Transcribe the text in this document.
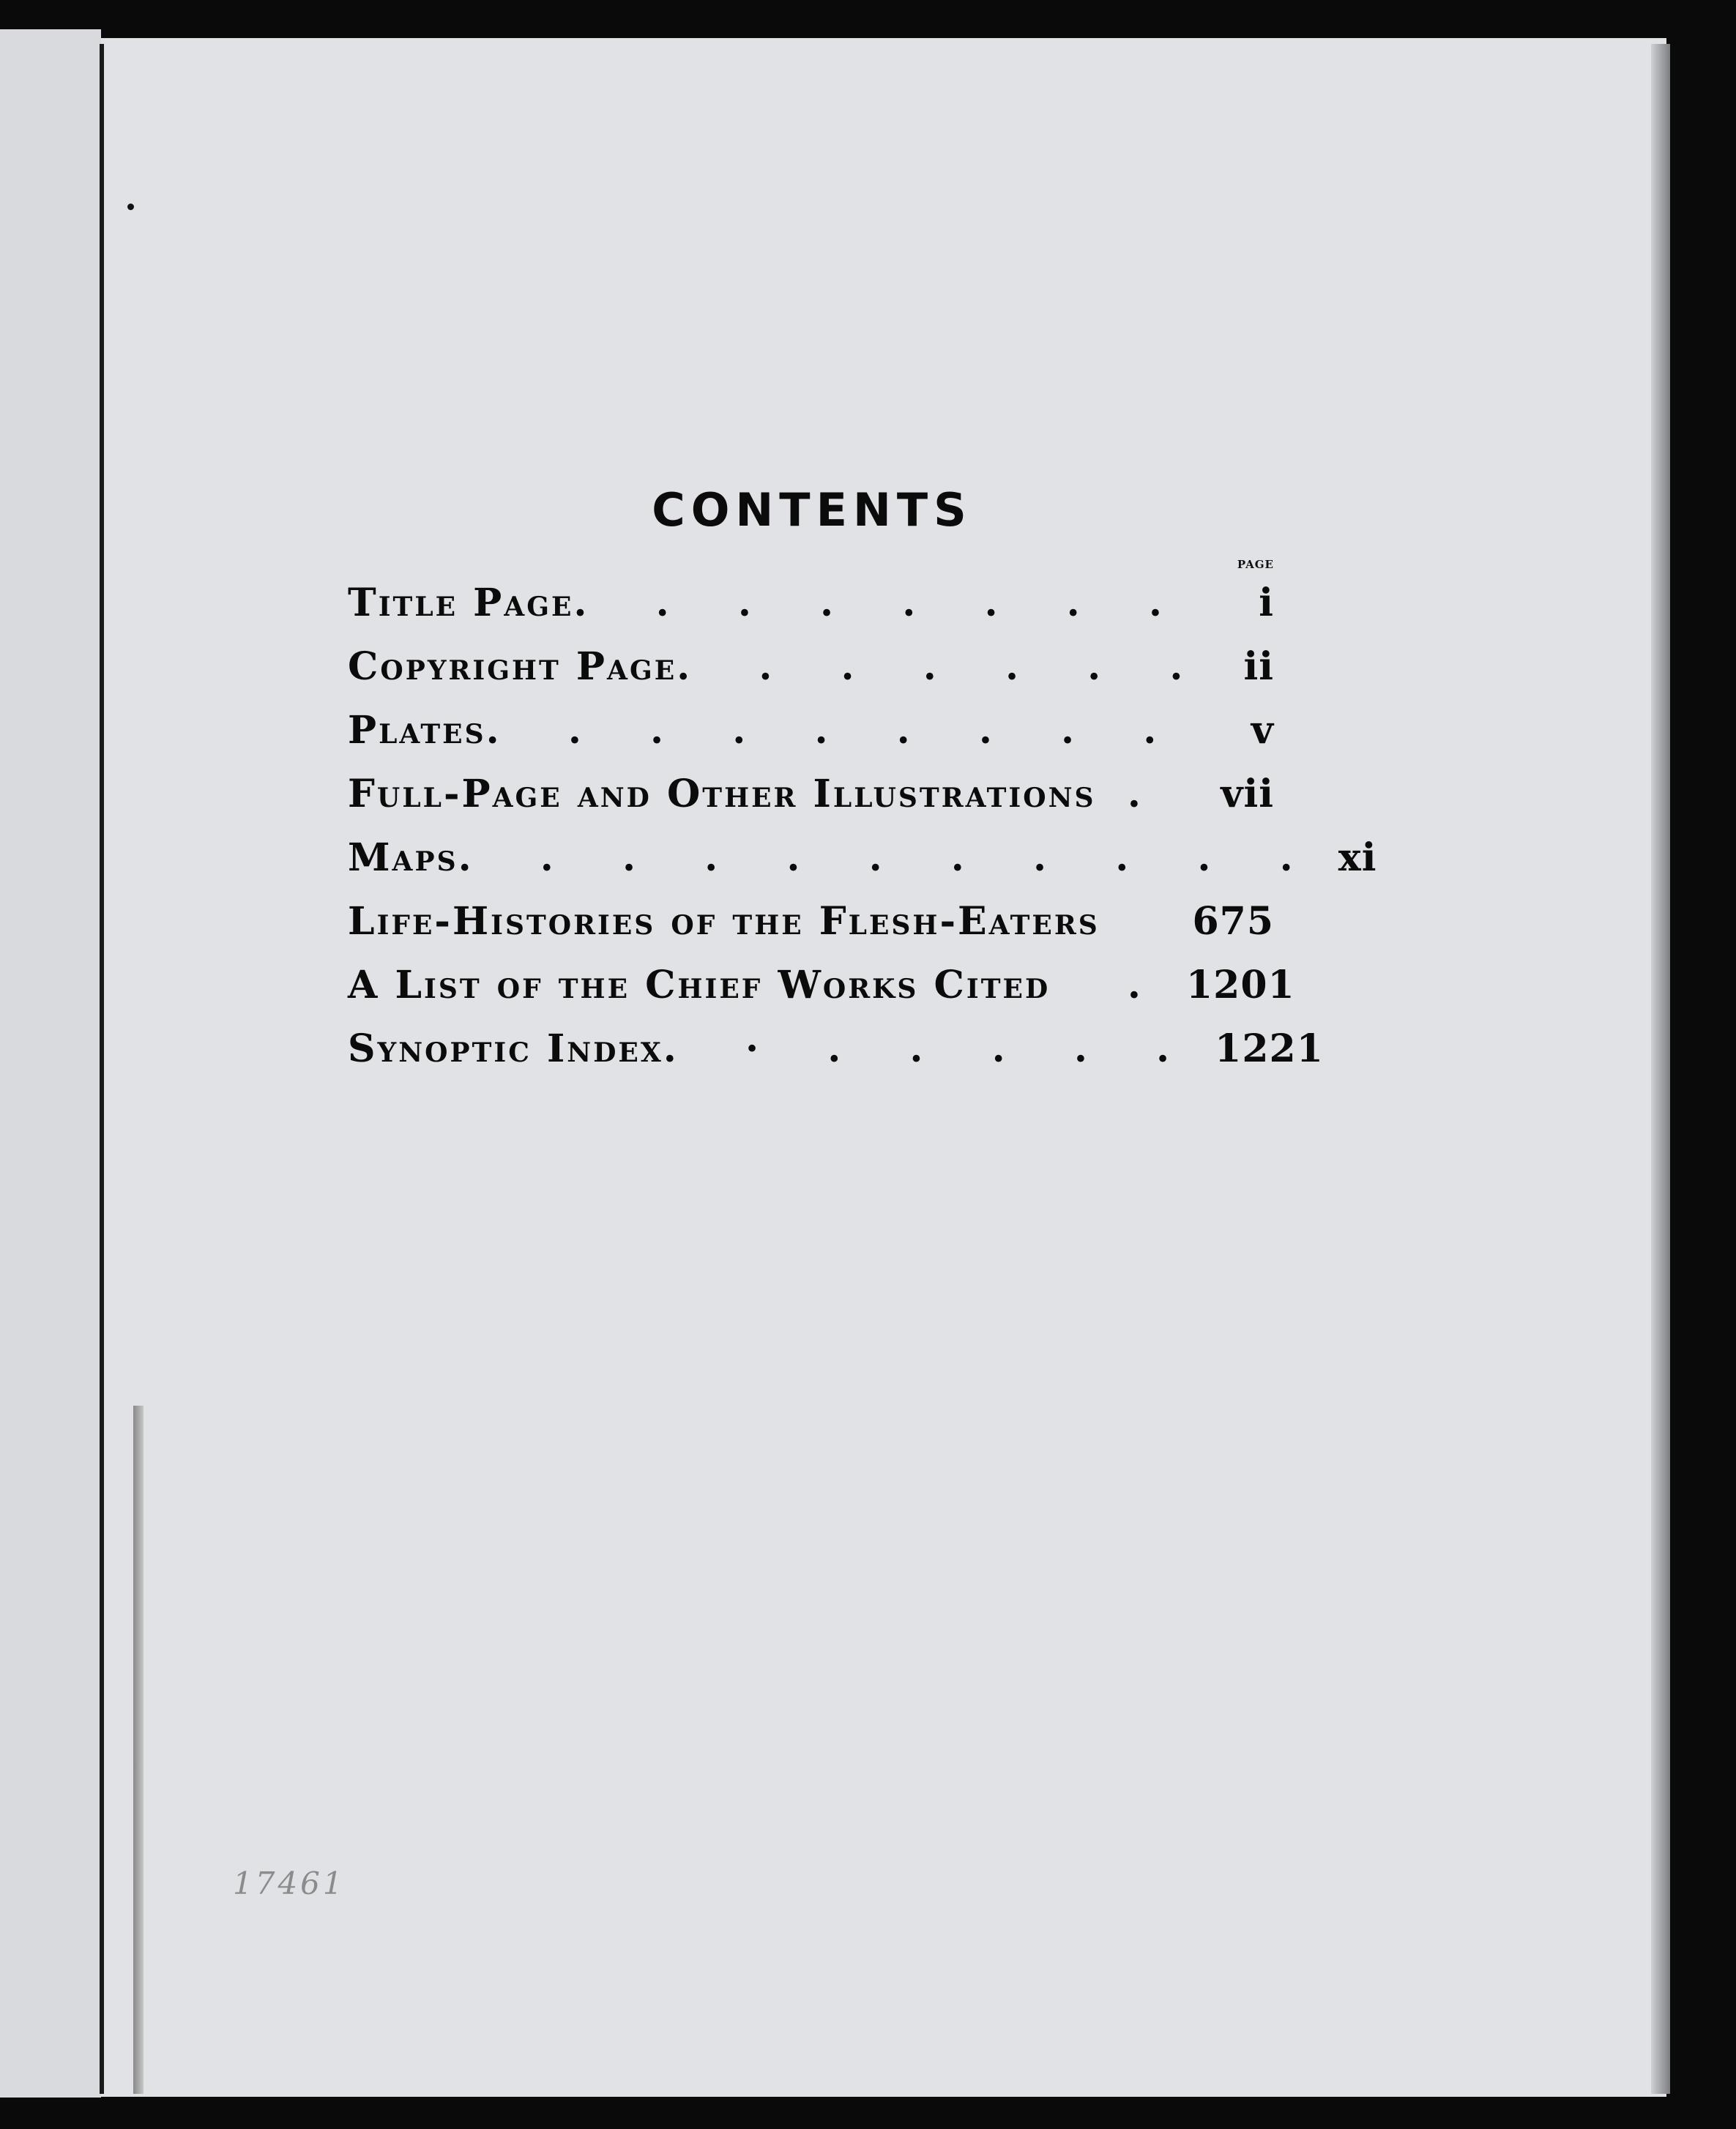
CONTENTS
PAGE
Title Page . . . . . . . .	i
Copyright Page . . . . . . . ii
Plates . . . . . . . . .	v
Full-Page and Other Illustrations .	vii
Maps . . . . . . . . . . . xi
Life-Histories of the Flesh-Eaters 675
A List of the Chief Works Cited	. 1201
Synoptic Index . · . . . . . 1221
17461
